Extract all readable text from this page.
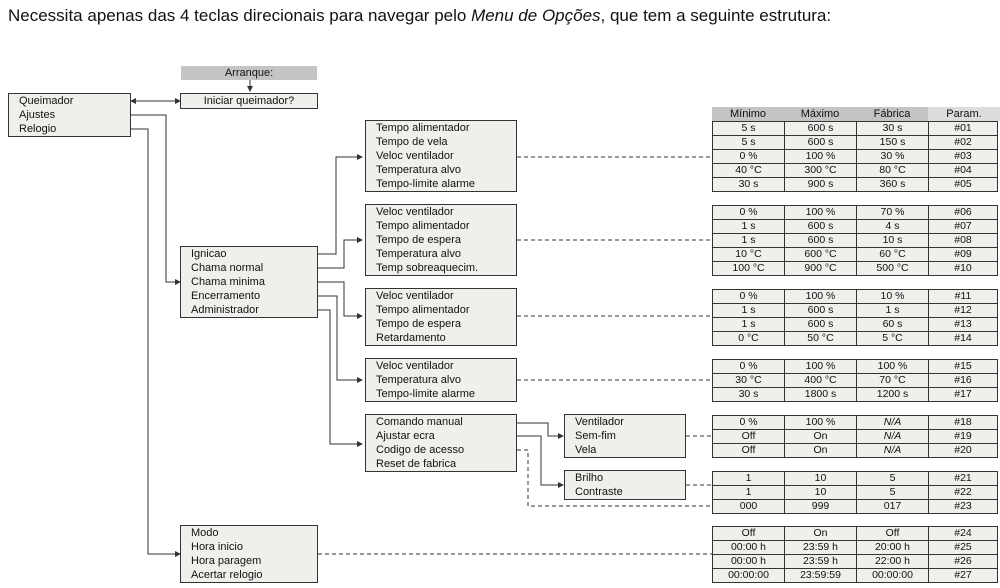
Necessita apenas das 4 teclas direcionais para navegar pelo Menu de Opções, que tem a seguinte estrutura:
Arranque:
Iniciar queimador?
Queimador
Ajustes
Relogio
Ignicao
Chama normal
Chama minima
Encerramento
Administrador
Modo
Hora inicio
Hora paragem
Acertar relogio
Tempo alimentador
Tempo de vela
Veloc ventilador
Temperatura alvo
Tempo-limite alarme
Veloc ventilador
Tempo alimentador
Tempo de espera
Temperatura alvo
Temp sobreaquecim.
Veloc ventilador
Tempo alimentador
Tempo de espera
Retardamento
Veloc ventilador
Temperatura alvo
Tempo-limite alarme
Comando manual
Ajustar ecra
Codigo de acesso
Reset de fabrica
Ventilador
Sem-fim
Vela
Brilho
Contraste
Mínimo	Máximo	Fábrica	Param.
5 s	600 s	30 s	#01
5 s	600 s	150 s	#02
0 %	100 %	30 %	#03
40 °C	300 °C	80 °C	#04
30 s	900 s	360 s	#05
0 %	100 %	70 %	#06
1 s	600 s	4 s	#07
1 s	600 s	10 s	#08
10 °C	600 °C	60 °C	#09
100 °C	900 °C	500 °C	#10
0 %	100 %	10 %	#11
1 s	600 s	1 s	#12
1 s	600 s	60 s	#13
0 °C	50 °C	5 °C	#14
0 %	100 %	100 %	#15
30 °C	400 °C	70 °C	#16
30 s	1800 s	1200 s	#17
0 %	100 %	N/A	#18
Off	On	N/A	#19
Off	On	N/A	#20
1	10	5	#21
1	10	5	#22
000	999	017	#23
Off	On	Off	#24
00:00 h	23:59 h	20:00 h	#25
00:00 h	23:59 h	22:00 h	#26
00:00:00	23:59:59	00:00:00	#27
